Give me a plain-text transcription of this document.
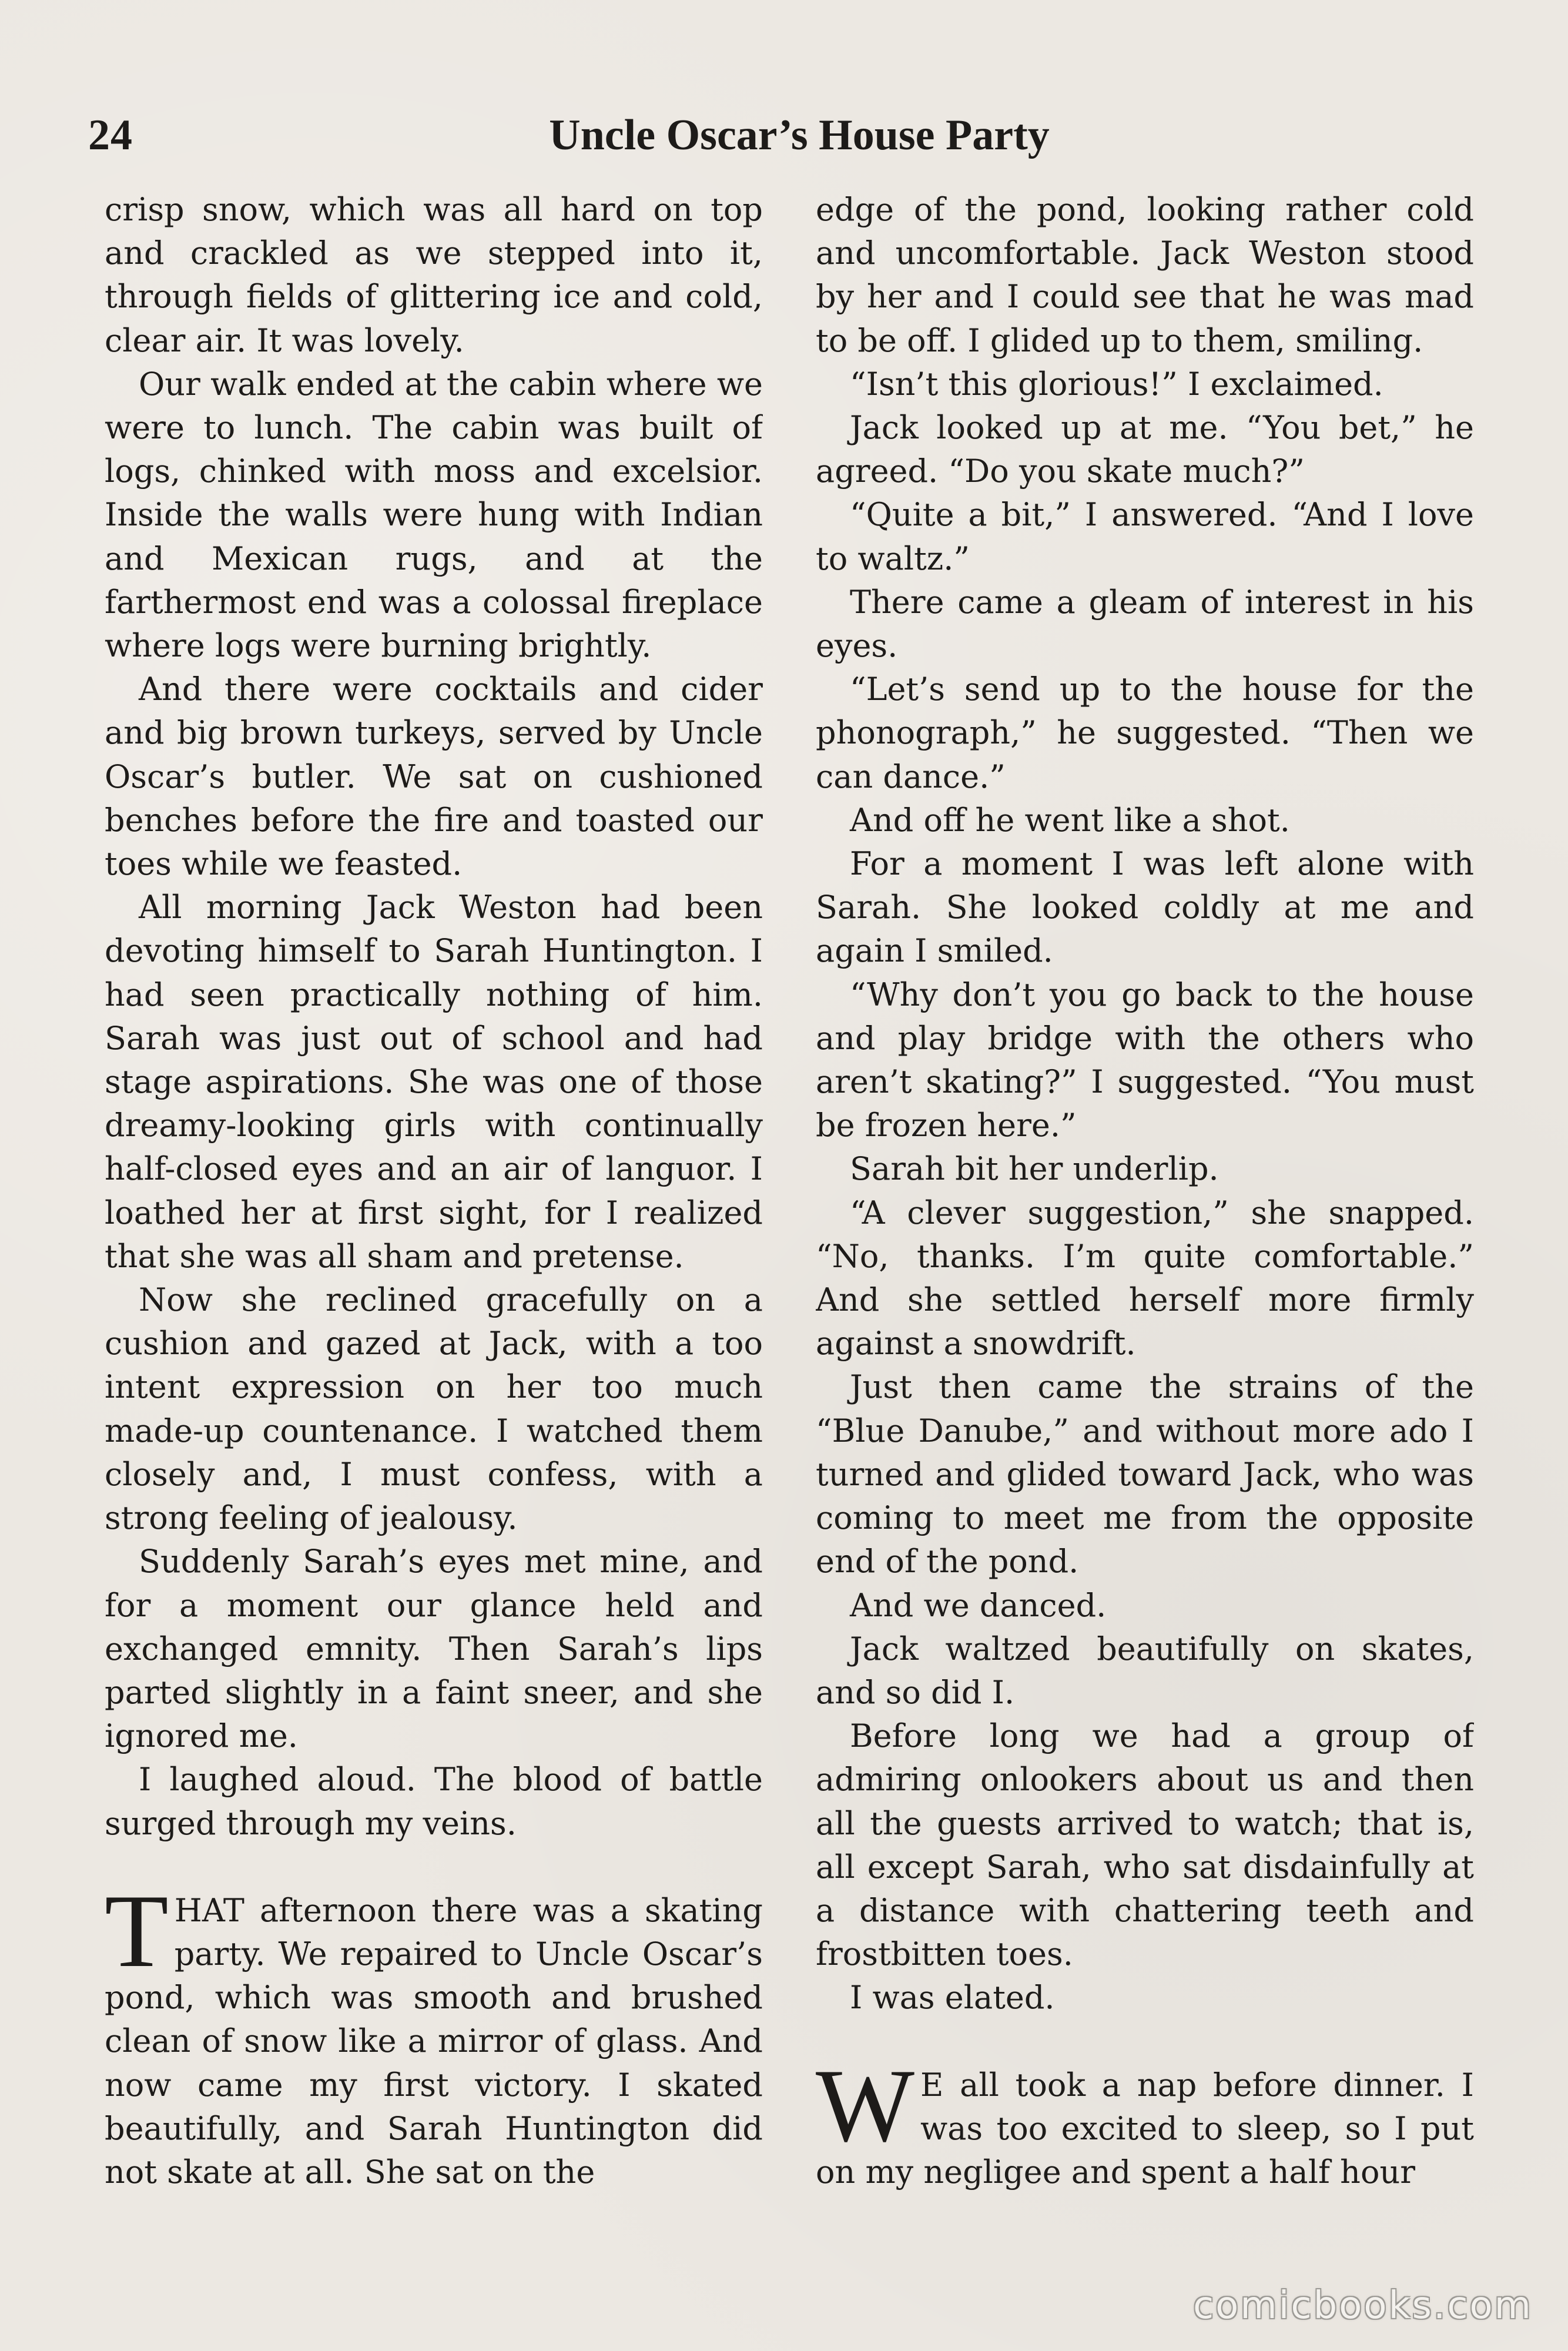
24	Uncle Oscar’s House Party

crisp snow, which was all hard on top and crackled as we stepped into it, through fields of glittering ice and cold, clear air. It was lovely.

Our walk ended at the cabin where we were to lunch. The cabin was built of logs, chinked with moss and excelsior. Inside the walls were hung with Indian and Mexican rugs, and at the farthermost end was a colossal fireplace where logs were burning brightly.

And there were cocktails and cider and big brown turkeys, served by Uncle Oscar’s butler. We sat on cushioned benches before the fire and toasted our toes while we feasted.

All morning Jack Weston had been devoting himself to Sarah Huntington. I had seen practically nothing of him. Sarah was just out of school and had stage aspirations. She was one of those dreamy-looking girls with continually half-closed eyes and an air of languor. I loathed her at first sight, for I realized that she was all sham and pretense.

Now she reclined gracefully on a cushion and gazed at Jack, with a too intent expression on her too much made-up countenance. I watched them closely and, I must confess, with a strong feeling of jealousy.

Suddenly Sarah’s eyes met mine, and for a moment our glance held and exchanged emnity. Then Sarah’s lips parted slightly in a faint sneer, and she ignored me.

I laughed aloud. The blood of battle surged through my veins.

THAT afternoon there was a skating party. We repaired to Uncle Oscar’s pond, which was smooth and brushed clean of snow like a mirror of glass. And now came my first victory. I skated beautifully, and Sarah Huntington did not skate at all. She sat on the

edge of the pond, looking rather cold and uncomfortable. Jack Weston stood by her and I could see that he was mad to be off. I glided up to them, smiling.

“Isn’t this glorious!” I exclaimed.

Jack looked up at me. “You bet,” he agreed. “Do you skate much?”

“Quite a bit,” I answered. “And I love to waltz.”

There came a gleam of interest in his eyes.

“Let’s send up to the house for the phonograph,” he suggested. “Then we can dance.”

And off he went like a shot.

For a moment I was left alone with Sarah. She looked coldly at me and again I smiled.

“Why don’t you go back to the house and play bridge with the others who aren’t skating?” I suggested. “You must be frozen here.”

Sarah bit her underlip.

“A clever suggestion,” she snapped. “No, thanks. I’m quite comfortable.” And she settled herself more firmly against a snowdrift.

Just then came the strains of the “Blue Danube,” and without more ado I turned and glided toward Jack, who was coming to meet me from the opposite end of the pond.

And we danced.

Jack waltzed beautifully on skates, and so did I.

Before long we had a group of admiring onlookers about us and then all the guests arrived to watch; that is, all except Sarah, who sat disdainfully at a distance with chattering teeth and frostbitten toes.

I was elated.

W E all took a nap before dinner. I was too excited to sleep, so I put on my negligee and spent a half hour

comicbooks.com
